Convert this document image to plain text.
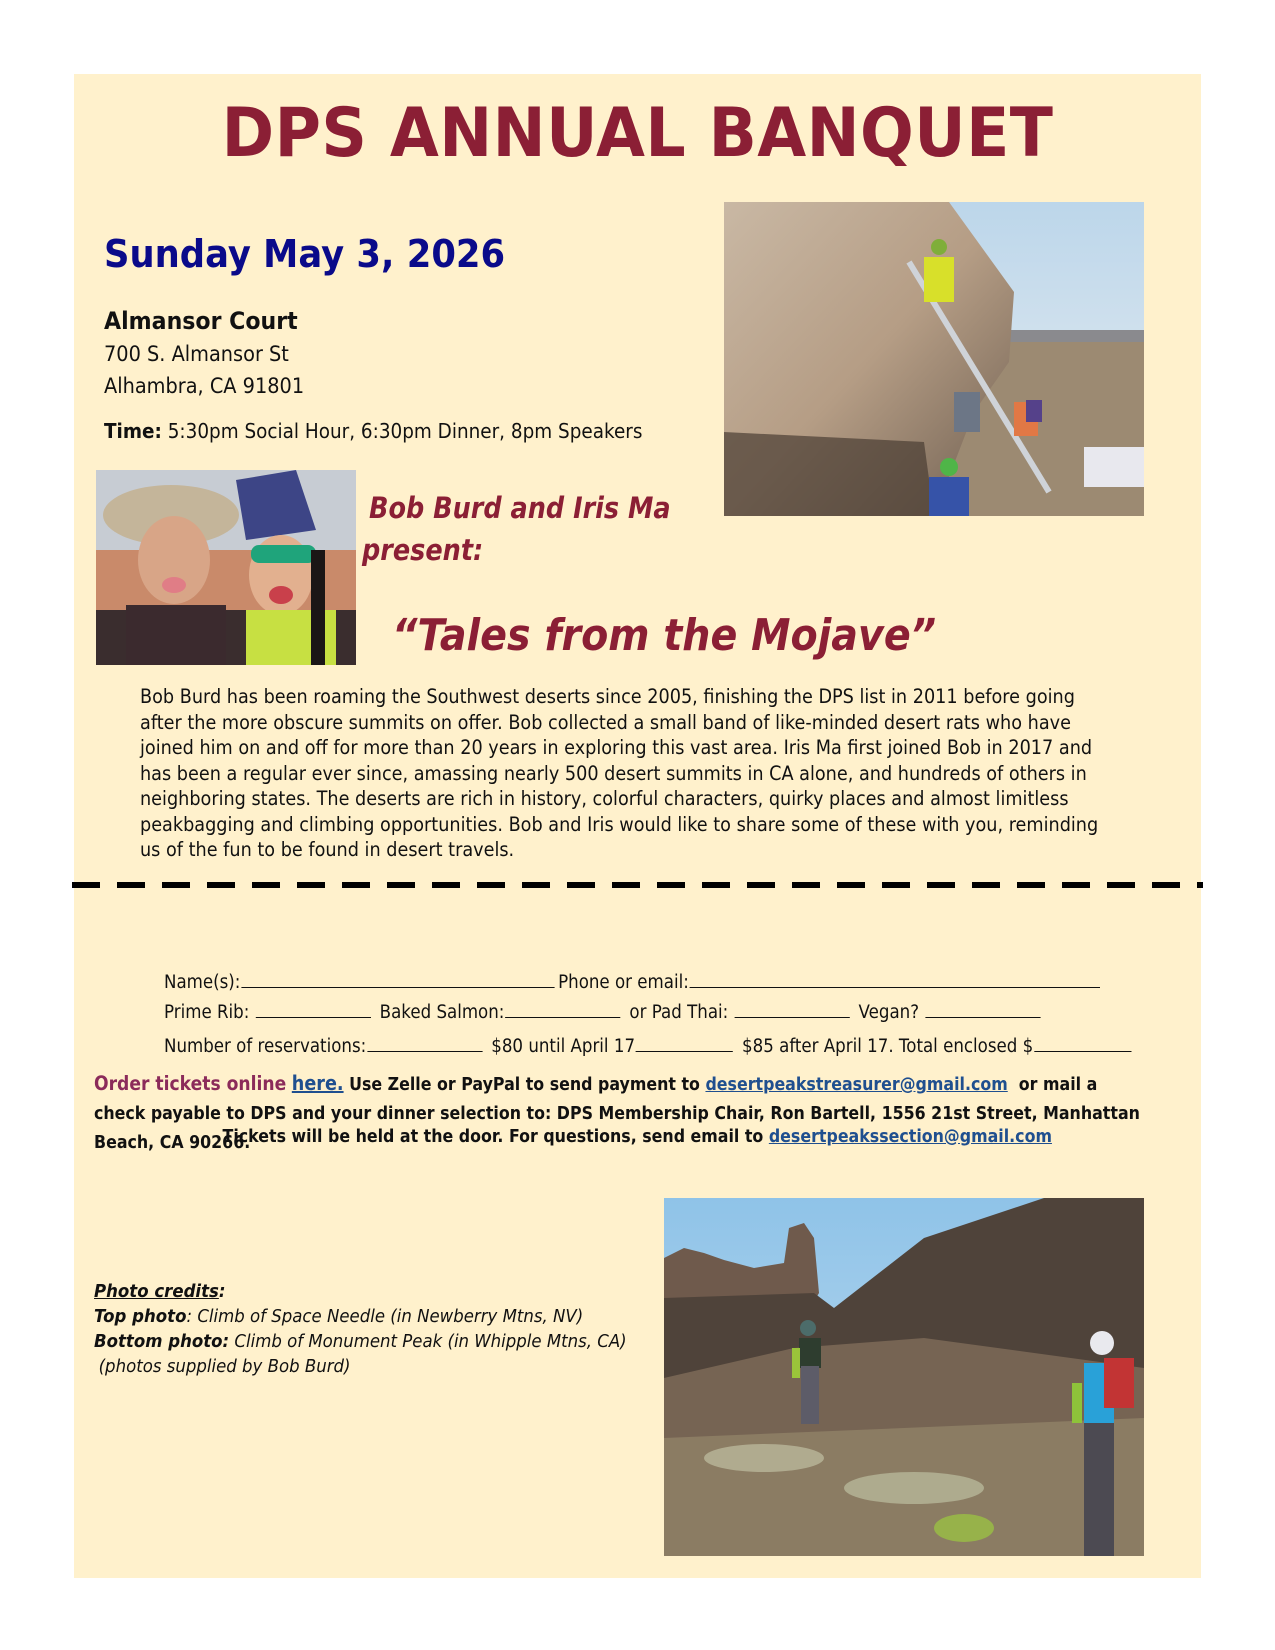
DPS ANNUAL BANQUET
Sunday May 3, 2026
Almansor Court
700 S. Almansor St
Alhambra, CA 91801
Time: 5:30pm Social Hour, 6:30pm Dinner, 8pm Speakers
Bob Burd and Iris Ma
present:
“Tales from the Mojave”
Bob Burd has been roaming the Southwest deserts since 2005, finishing the DPS list in 2011 before going after the more obscure summits on offer. Bob collected a small band of like-minded desert rats who have joined him on and off for more than 20 years in exploring this vast area. Iris Ma first joined Bob in 2017 and has been a regular ever since, amassing nearly 500 desert summits in CA alone, and hundreds of others in neighboring states. The deserts are rich in history, colorful characters, quirky places and almost limitless peakbagging and climbing opportunities. Bob and Iris would like to share some of these with you, reminding us of the fun to be found in desert travels.
Name(s):	Phone or email:
Prime Rib:	Baked Salmon:	or Pad Thai:	Vegan?
Number of reservations:	$80 until April 17	$85 after April 17. Total enclosed $
Order tickets online here. Use Zelle or PayPal to send payment to desertpeakstreasurer@gmail.com or mail a check payable to DPS and your dinner selection to: DPS Membership Chair, Ron Bartell, 1556 21st Street, Manhattan Beach, CA 90266.
Tickets will be held at the door. For questions, send email to desertpeakssection@gmail.com
Photo credits:
Top photo: Climb of Space Needle (in Newberry Mtns, NV)
Bottom photo: Climb of Monument Peak (in Whipple Mtns, CA)
(photos supplied by Bob Burd)
